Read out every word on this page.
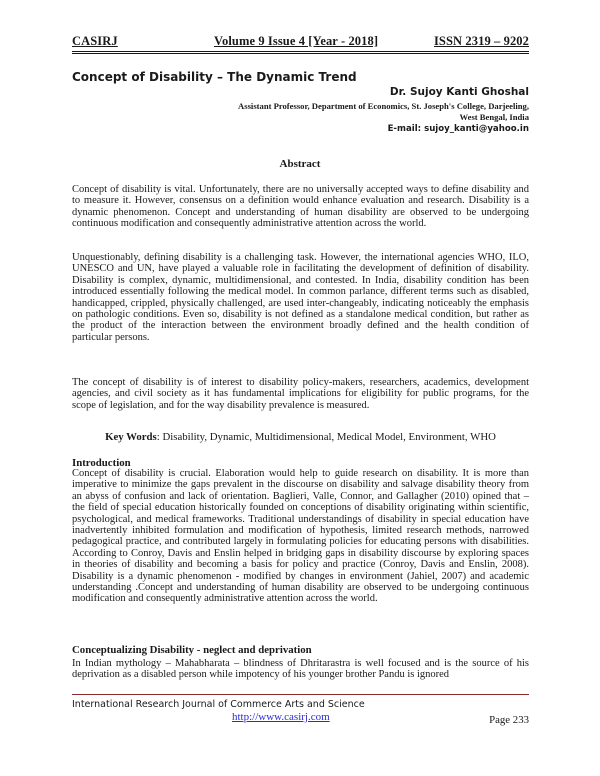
CASIRJ	Volume 9 Issue 4 [Year - 2018]	ISSN 2319 – 9202
Concept of Disability – The Dynamic Trend
Dr. Sujoy Kanti Ghoshal
Assistant Professor, Department of Economics, St. Joseph's College, Darjeeling,
West Bengal, India
E-mail: sujoy_kanti@yahoo.in
Abstract

Concept of disability is vital. Unfortunately, there are no universally accepted ways to define disability and to measure it. However, consensus on a definition would enhance evaluation and research. Disability is a dynamic phenomenon. Concept and understanding of human disability are observed to be undergoing continuous modification and consequently administrative attention across the world.

Unquestionably, defining disability is a challenging task. However, the international agencies WHO, ILO, UNESCO and UN, have played a valuable role in facilitating the development of definition of disability. Disability is complex, dynamic, multidimensional, and contested. In India, disability condition has been introduced essentially following the medical model. In common parlance, different terms such as disabled, handicapped, crippled, physically challenged, are used inter-changeably, indicating noticeably the emphasis on pathologic conditions. Even so, disability is not defined as a standalone medical condition, but rather as the product of the interaction between the environment broadly defined and the health condition of particular persons.

The concept of disability is of interest to disability policy-makers, researchers, academics, development agencies, and civil society as it has fundamental implications for eligibility for public programs, for the scope of legislation, and for the way disability prevalence is measured.

Key Words: Disability, Dynamic, Multidimensional, Medical Model, Environment, WHO
Introduction

Concept of disability is crucial. Elaboration would help to guide research on disability. It is more than imperative to minimize the gaps prevalent in the discourse on disability and salvage disability theory from an abyss of confusion and lack of orientation. Baglieri, Valle, Connor, and Gallagher (2010) opined that – the field of special education historically founded on conceptions of disability originating within scientific, psychological, and medical frameworks. Traditional understandings of disability in special education have inadvertently inhibited formulation and modification of hypothesis, limited research methods, narrowed pedagogical practice, and contributed largely in formulating policies for educating persons with disabilities. According to Conroy, Davis and Enslin helped in bridging gaps in disability discourse by exploring spaces in theories of disability and becoming a basis for policy and practice (Conroy, Davis and Enslin, 2008). Disability is a dynamic phenomenon - modified by changes in environment (Jahiel, 2007) and academic understanding .Concept and understanding of human disability are observed to be undergoing continuous modification and consequently administrative attention across the world.

Conceptualizing Disability - neglect and deprivation

In Indian mythology – Mahabharata – blindness of Dhritarastra is well focused and is the source of his deprivation as a disabled person while impotency of his younger brother Pandu is ignored

International Research Journal of Commerce Arts and Science
http://www.casirj.com	Page 233
